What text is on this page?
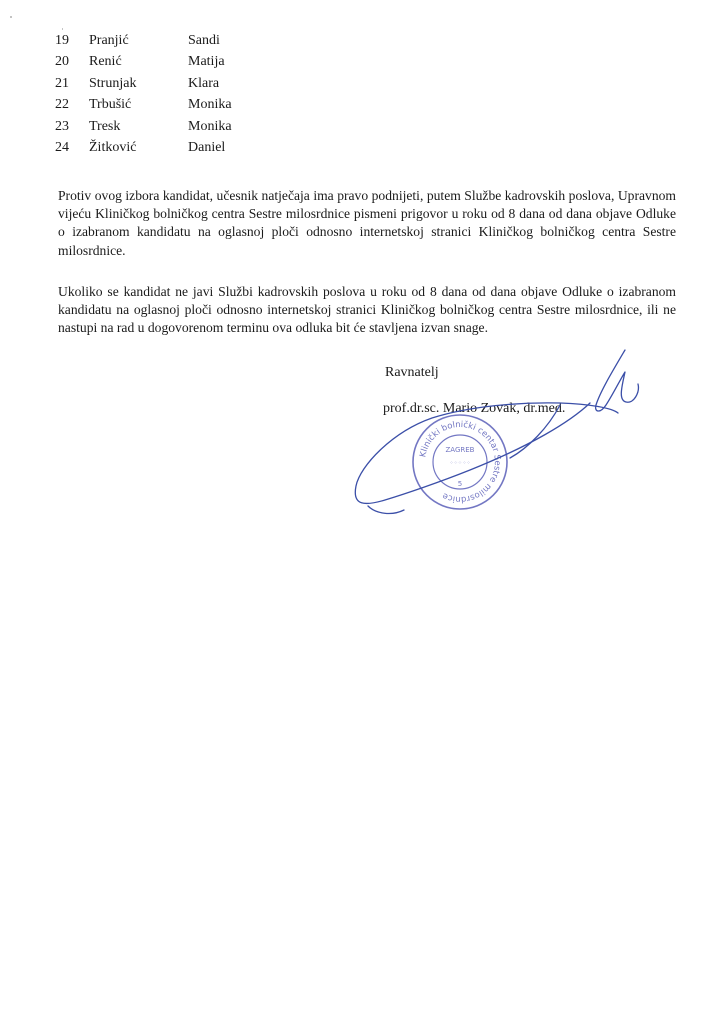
19	Pranjić	Sandi
20	Renić	Matija
21	Strunjak	Klara
22	Trbušić	Monika
23	Tresk	Monika
24	Žitković	Daniel

Protiv ovog izbora kandidat, učesnik natječaja ima pravo podnijeti, putem Službe kadrovskih poslova, Upravnom vijeću Kliničkog bolničkog centra Sestre milosrdnice pismeni prigovor u roku od 8 dana od dana objave Odluke o izabranom kandidatu na oglasnoj ploči odnosno internetskoj stranici Kliničkog bolničkog centra Sestre milosrdnice.

Ukoliko se kandidat ne javi Službi kadrovskih poslova u roku od 8 dana od dana objave Odluke o izabranom kandidatu na oglasnoj ploči odnosno internetskoj stranici Kliničkog bolničkog centra Sestre milosrdnice, ili ne nastupi na rad u dogovorenom terminu ova odluka bit će stavljena izvan snage.

Ravnatelj
prof.dr.sc. Mario Zovak, dr.med.
Klinički bolnički centar Sestre milosrdnice
ZAGREB
⁘⁘⁘⁘⁘
5
